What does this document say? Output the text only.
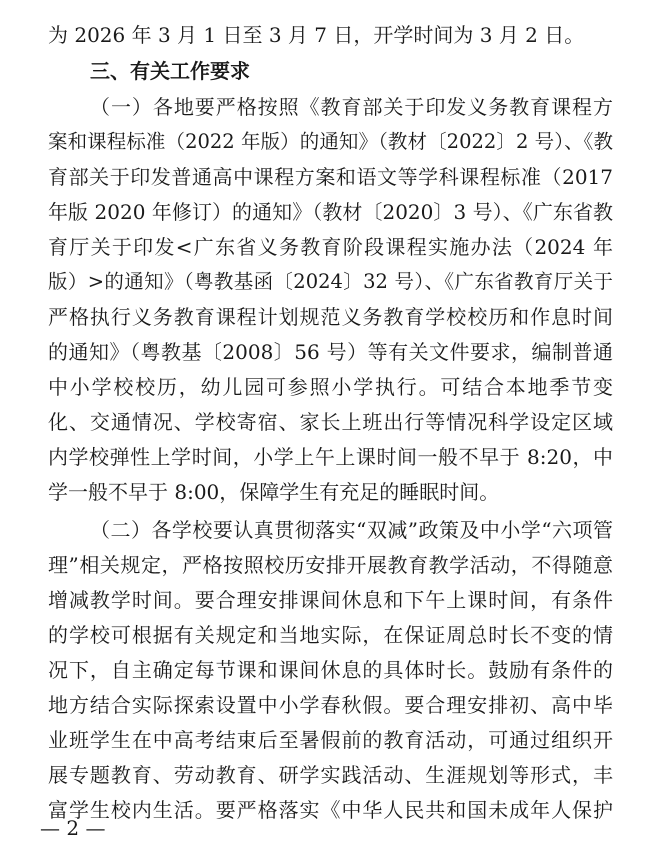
为 2026 年 3 月 1 日至 3 月 7 日，开学时间为 3 月 2 日。
三、有关工作要求
（一）各地要严格按照《教育部关于印发义务教育课程方
案和课程标准（2022 年版）的通知》（教材〔2022〕2 号）、《教
育部关于印发普通高中课程方案和语文等学科课程标准（2017
年版 2020 年修订）的通知》（教材〔2020〕3 号）、《广东省教
育厅关于印发<广东省义务教育阶段课程实施办法（2024 年
版）>的通知》（粤教基函〔2024〕32 号）、《广东省教育厅关于
严格执行义务教育课程计划规范义务教育学校校历和作息时间
的通知》（粤教基〔2008〕56 号）等有关文件要求，编制普通
中小学校校历，幼儿园可参照小学执行。可结合本地季节变
化、交通情况、学校寄宿、家长上班出行等情况科学设定区域
内学校弹性上学时间，小学上午上课时间一般不早于 8:20，中
学一般不早于 8:00，保障学生有充足的睡眠时间。
（二）各学校要认真贯彻落实“双减”政策及中小学“六项管
理”相关规定，严格按照校历安排开展教育教学活动，不得随意
增减教学时间。要合理安排课间休息和下午上课时间，有条件
的学校可根据有关规定和当地实际，在保证周总时长不变的情
况下，自主确定每节课和课间休息的具体时长。鼓励有条件的
地方结合实际探索设置中小学春秋假。要合理安排初、高中毕
业班学生在中高考结束后至暑假前的教育活动，可通过组织开
展专题教育、劳动教育、研学实践活动、生涯规划等形式，丰
富学生校内生活。要严格落实《中华人民共和国未成年人保护
— 2 —
